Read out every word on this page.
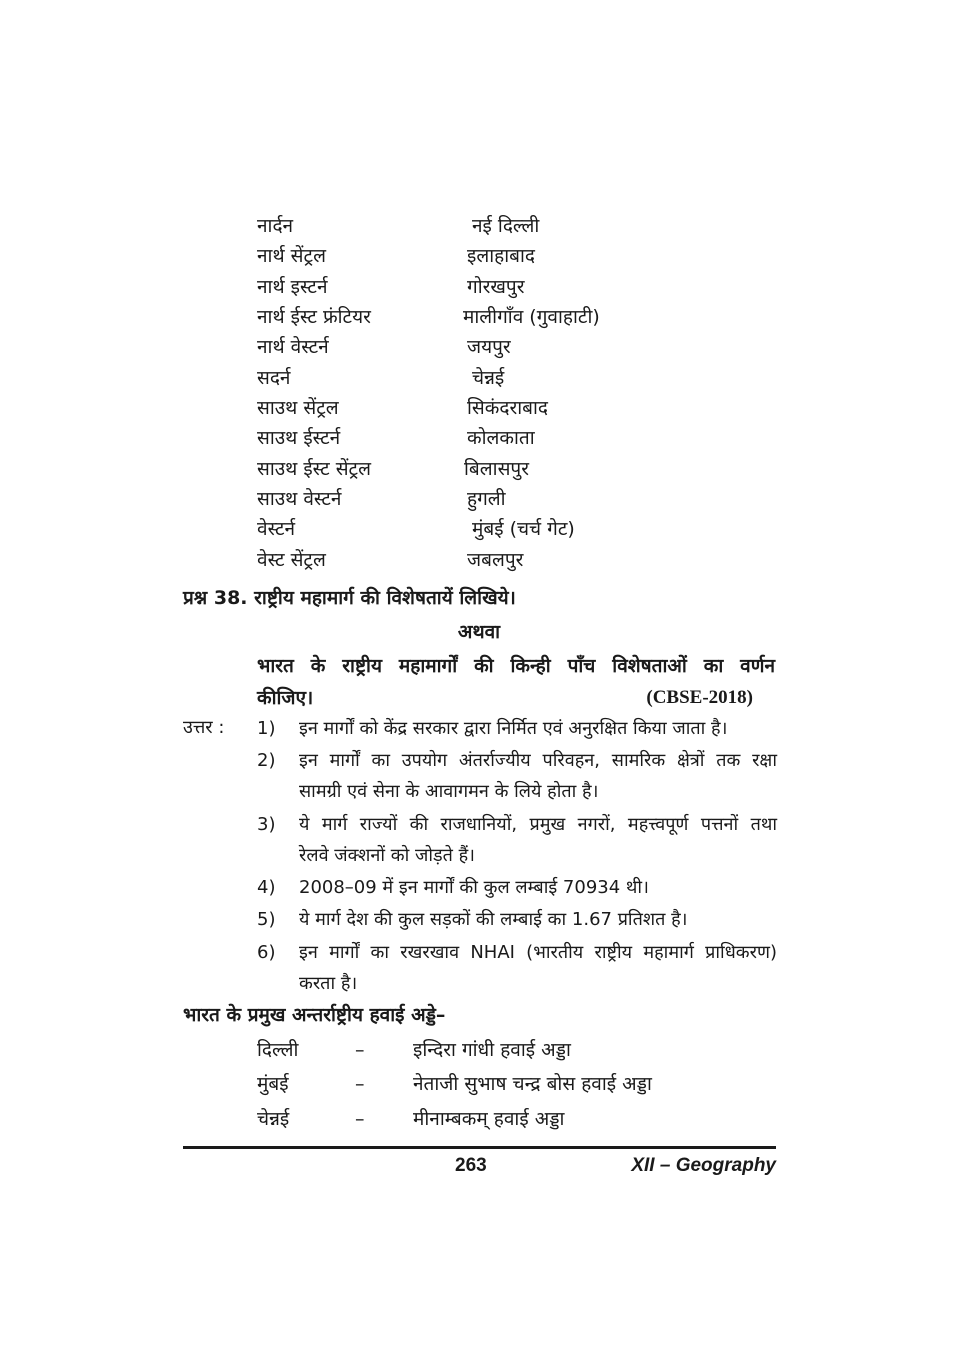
नार्दन	नई दिल्ली
नार्थ सेंट्रल	इलाहाबाद
नार्थ इस्टर्न	गोरखपुर
नार्थ ईस्ट फ्रंटियर	मालीगाँव (गुवाहाटी)
नार्थ वेस्टर्न	जयपुर
सदर्न	चेन्नई
साउथ सेंट्रल	सिकंदराबाद
साउथ ईस्टर्न	कोलकाता
साउथ ईस्ट सेंट्रल	बिलासपुर
साउथ वेस्टर्न	हुगली
वेस्टर्न	मुंबई (चर्च गेट)
वेस्ट सेंट्रल	जबलपुर
प्रश्न 38. राष्ट्रीय महामार्ग की विशेषतायें लिखिये।
अथवा
भारत के राष्ट्रीय महामार्गों की किन्ही पाँच विशेषताओं का वर्णन
कीजिए।	(CBSE-2018)
उत्तर : 1)	इन मार्गों को केंद्र सरकार द्वारा निर्मित एवं अनुरक्षित किया जाता है।
2)	इन मार्गों का उपयोग अंतर्राज्यीय परिवहन, सामरिक क्षेत्रों तक रक्षा
सामग्री एवं सेना के आवागमन के लिये होता है।
3)	ये मार्ग राज्यों की राजधानियों, प्रमुख नगरों, महत्त्वपूर्ण पत्तनों तथा
रेलवे जंक्शनों को जोड़ते हैं।
4)	2008–09 में इन मार्गों की कुल लम्बाई 70934 थी।
5)	ये मार्ग देश की कुल सड़कों की लम्बाई का 1.67 प्रतिशत है।
6)	इन मार्गों का रखरखाव NHAI (भारतीय राष्ट्रीय महामार्ग प्राधिकरण)
करता है।
भारत के प्रमुख अन्तर्राष्ट्रीय हवाई अड्डे–
दिल्ली	–	इन्दिरा गांधी हवाई अड्डा
मुंबई	–	नेताजी सुभाष चन्द्र बोस हवाई अड्डा
चेन्नई	–	मीनाम्बकम् हवाई अड्डा
263	XII – Geography
